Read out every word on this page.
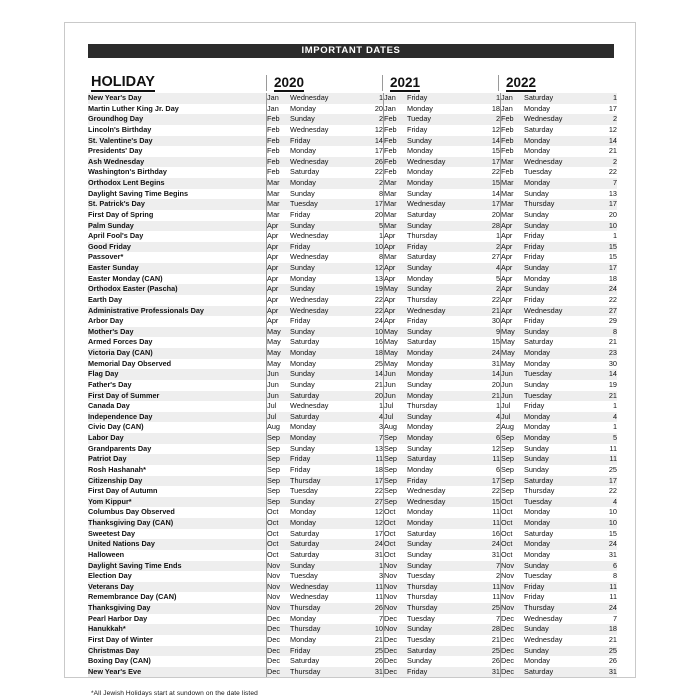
IMPORTANT DATES
HOLIDAY	2020	2021	2022
New Year's Day	Jan	Wednesday	1	Jan	Friday	1	Jan	Saturday	1
Martin Luther King Jr. Day	Jan	Monday	20	Jan	Monday	18	Jan	Monday	17
Groundhog Day	Feb	Sunday	2	Feb	Tueday	2	Feb	Wednesday	2
Lincoln's Birthday	Feb	Wednesday	12	Feb	Friday	12	Feb	Saturday	12
St. Valentine's Day	Feb	Friday	14	Feb	Sunday	14	Feb	Monday	14
Presidents' Day	Feb	Monday	17	Feb	Monday	15	Feb	Monday	21
Ash Wednesday	Feb	Wednesday	26	Feb	Wednesday	17	Mar	Wednesday	2
Washington's Birthday	Feb	Saturday	22	Feb	Monday	22	Feb	Tuesday	22
Orthodox Lent Begins	Mar	Monday	2	Mar	Monday	15	Mar	Monday	7
Daylight Saving Time Begins	Mar	Sunday	8	Mar	Sunday	14	Mar	Sunday	13
St. Patrick's Day	Mar	Tuesday	17	Mar	Wednesday	17	Mar	Thursday	17
First Day of Spring	Mar	Friday	20	Mar	Saturday	20	Mar	Sunday	20
Palm Sunday	Apr	Sunday	5	Mar	Sunday	28	Apr	Sunday	10
April Fool's Day	Apr	Wednesday	1	Apr	Thursday	1	Apr	Friday	1
Good Friday	Apr	Friday	10	Apr	Friday	2	Apr	Friday	15
Passover*	Apr	Wednesday	8	Mar	Saturday	27	Apr	Friday	15
Easter Sunday	Apr	Sunday	12	Apr	Sunday	4	Apr	Sunday	17
Easter Monday (CAN)	Apr	Monday	13	Apr	Monday	5	Apr	Monday	18
Orthodox Easter (Pascha)	Apr	Sunday	19	May	Sunday	2	Apr	Sunday	24
Earth Day	Apr	Wednesday	22	Apr	Thursday	22	Apr	Friday	22
Administrative Professionals Day	Apr	Wednesday	22	Apr	Wednesday	21	Apr	Wednesday	27
Arbor Day	Apr	Friday	24	Apr	Friday	30	Apr	Friday	29
Mother's Day	May	Sunday	10	May	Sunday	9	May	Sunday	8
Armed Forces Day	May	Saturday	16	May	Saturday	15	May	Saturday	21
Victoria Day (CAN)	May	Monday	18	May	Monday	24	May	Monday	23
Memorial Day Observed	May	Monday	25	May	Monday	31	May	Monday	30
Flag Day	Jun	Sunday	14	Jun	Monday	14	Jun	Tuesday	14
Father's Day	Jun	Sunday	21	Jun	Sunday	20	Jun	Sunday	19
First Day of Summer	Jun	Saturday	20	Jun	Monday	21	Jun	Tuesday	21
Canada Day	Jul	Wednesday	1	Jul	Thursday	1	Jul	Friday	1
Independence Day	Jul	Saturday	4	Jul	Sunday	4	Jul	Monday	4
Civic Day (CAN)	Aug	Monday	3	Aug	Monday	2	Aug	Monday	1
Labor Day	Sep	Monday	7	Sep	Monday	6	Sep	Monday	5
Grandparents Day	Sep	Sunday	13	Sep	Sunday	12	Sep	Sunday	11
Patriot Day	Sep	Friday	11	Sep	Saturday	11	Sep	Sunday	11
Rosh Hashanah*	Sep	Friday	18	Sep	Monday	6	Sep	Sunday	25
Citizenship Day	Sep	Thursday	17	Sep	Friday	17	Sep	Saturday	17
First Day of Autumn	Sep	Tuesday	22	Sep	Wednesday	22	Sep	Thursday	22
Yom Kippur*	Sep	Sunday	27	Sep	Wednesday	15	Oct	Tuesday	4
Columbus Day Observed	Oct	Monday	12	Oct	Monday	11	Oct	Monday	10
Thanksgiving Day (CAN)	Oct	Monday	12	Oct	Monday	11	Oct	Monday	10
Sweetest Day	Oct	Saturday	17	Oct	Saturday	16	Oct	Saturday	15
United Nations Day	Oct	Saturday	24	Oct	Sunday	24	Oct	Monday	24
Halloween	Oct	Saturday	31	Oct	Sunday	31	Oct	Monday	31
Daylight Saving Time Ends	Nov	Sunday	1	Nov	Sunday	7	Nov	Sunday	6
Election Day	Nov	Tuesday	3	Nov	Tuesday	2	Nov	Tuesday	8
Veterans Day	Nov	Wednesday	11	Nov	Thursday	11	Nov	Friday	11
Remembrance Day (CAN)	Nov	Wednesday	11	Nov	Thursday	11	Nov	Friday	11
Thanksgiving Day	Nov	Thursday	26	Nov	Thursday	25	Nov	Thursday	24
Pearl Harbor Day	Dec	Monday	7	Dec	Tuesday	7	Dec	Wednesday	7
Hanukkah*	Dec	Thursday	10	Nov	Sunday	28	Dec	Sunday	18
First Day of Winter	Dec	Monday	21	Dec	Tuesday	21	Dec	Wednesday	21
Christmas Day	Dec	Friday	25	Dec	Saturday	25	Dec	Sunday	25
Boxing Day (CAN)	Dec	Saturday	26	Dec	Sunday	26	Dec	Monday	26
New Year's Eve	Dec	Thursday	31	Dec	Friday	31	Dec	Saturday	31
*All Jewish Holidays start at sundown on the date listed
